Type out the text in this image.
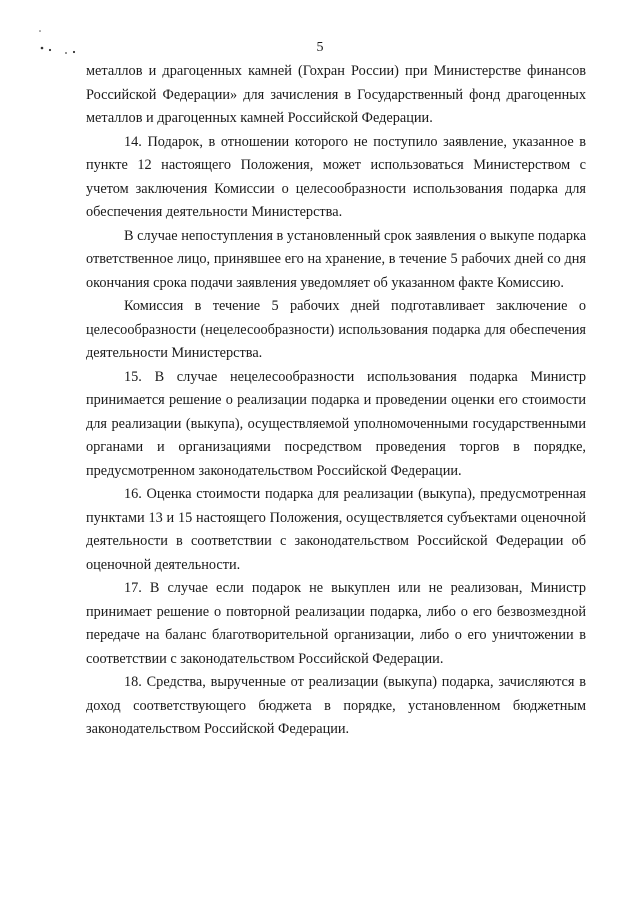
5

металлов и драгоценных камней (Гохран России) при Министерстве финансов
Российской Федерации» для зачисления в Государственный фонд драгоценных
металлов и драгоценных камней Российской Федерации.

14. Подарок, в отношении которого не поступило заявление, указанное в
пункте 12 настоящего Положения, может использоваться Министерством с
учетом заключения Комиссии о целесообразности использования подарка для
обеспечения деятельности Министерства.

В случае непоступления в установленный срок заявления о выкупе подарка
ответственное лицо, принявшее его на хранение, в течение 5 рабочих дней со дня
окончания срока подачи заявления уведомляет об указанном факте Комиссию.

Комиссия в течение 5 рабочих дней подготавливает заключение о
целесообразности (нецелесообразности) использования подарка для обеспечения
деятельности Министерства.

15. В случае нецелесообразности использования подарка Министр
принимается решение о реализации подарка и проведении оценки его стоимости
для реализации (выкупа), осуществляемой уполномоченными государственными
органами и организациями посредством проведения торгов в порядке,
предусмотренном законодательством Российской Федерации.

16. Оценка стоимости подарка для реализации (выкупа), предусмотренная
пунктами 13 и 15 настоящего Положения, осуществляется субъектами оценочной
деятельности в соответствии с законодательством Российской Федерации об
оценочной деятельности.

17. В случае если подарок не выкуплен или не реализован, Министр
принимает решение о повторной реализации подарка, либо о его безвозмездной
передаче на баланс благотворительной организации, либо о его уничтожении в
соответствии с законодательством Российской Федерации.

18. Средства, вырученные от реализации (выкупа) подарка, зачисляются в
доход соответствующего бюджета в порядке, установленном бюджетным
законодательством Российской Федерации.
